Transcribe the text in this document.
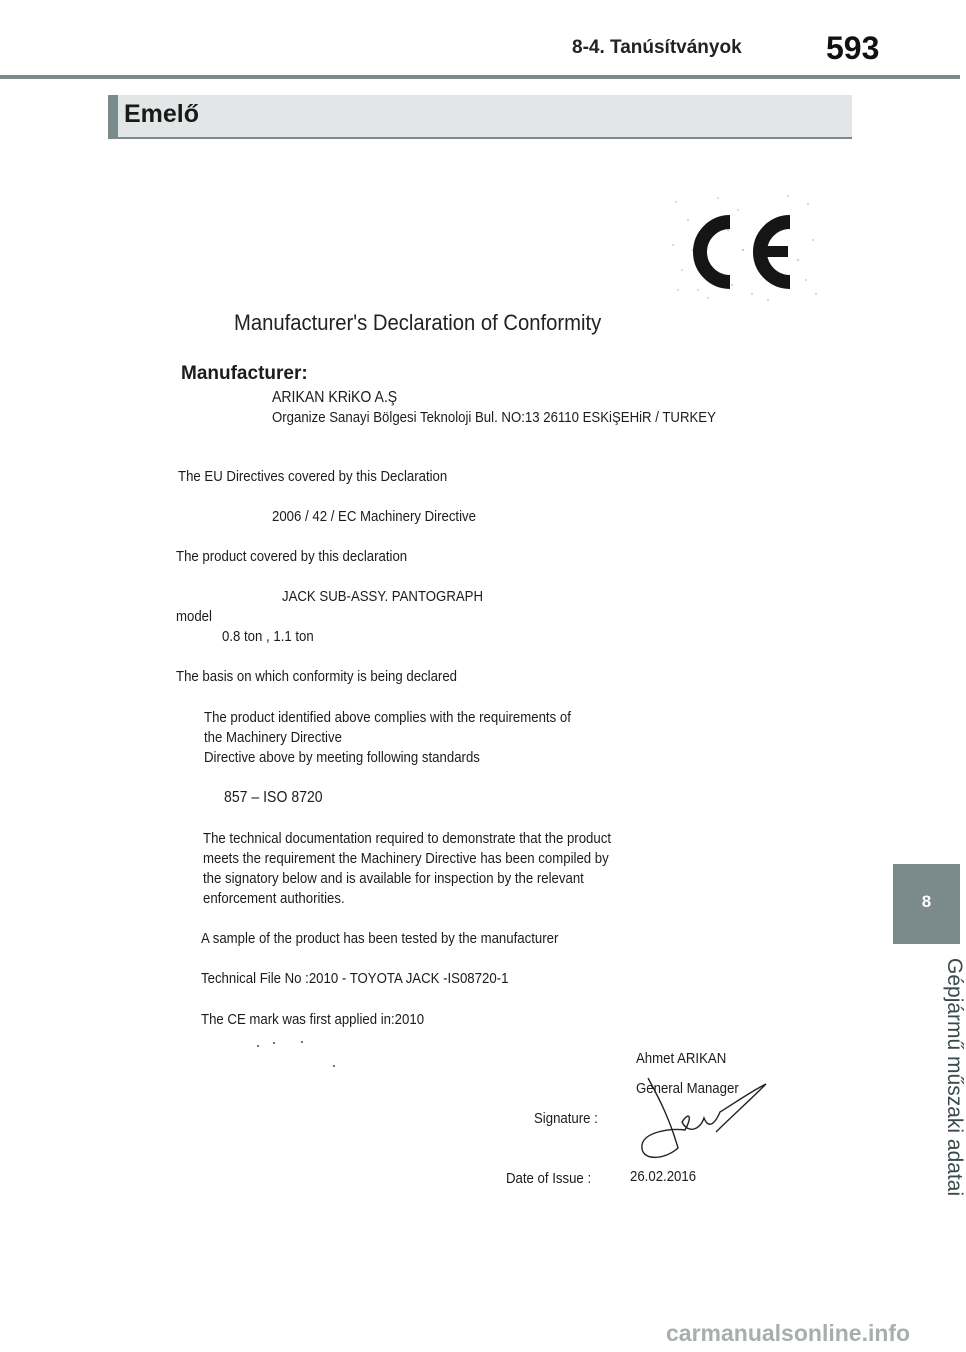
8-4. Tanúsítványok	593
Emelő
8
Gépjármű műszaki adatai
Manufacturer's Declaration of Conformity
Manufacturer:
ARIKAN KRiKO A.Ş
Organize Sanayi Bölgesi Teknoloji Bul. NO:13 26110 ESKiŞEHiR / TURKEY
The EU Directives covered by this Declaration
2006 / 42 / EC Machinery Directive
The product covered by this declaration
JACK SUB-ASSY. PANTOGRAPH
model
0.8 ton , 1.1 ton
The basis on which conformity is being declared
The product identified above complies with the requirements of
the Machinery Directive
Directive above by meeting following standards
857 – ISO 8720
The technical documentation required to demonstrate that the product
meets the requirement the Machinery Directive has been compiled by
the signatory below and is available for inspection by the relevant
enforcement authorities.
A sample of the product has been tested by the manufacturer
Technical File No :2010 - TOYOTA JACK -IS08720-1
The CE mark was first applied in:2010
Ahmet ARIKAN
General Manager
Signature :
Date of Issue :	26.02.2016
carmanualsonline.info
